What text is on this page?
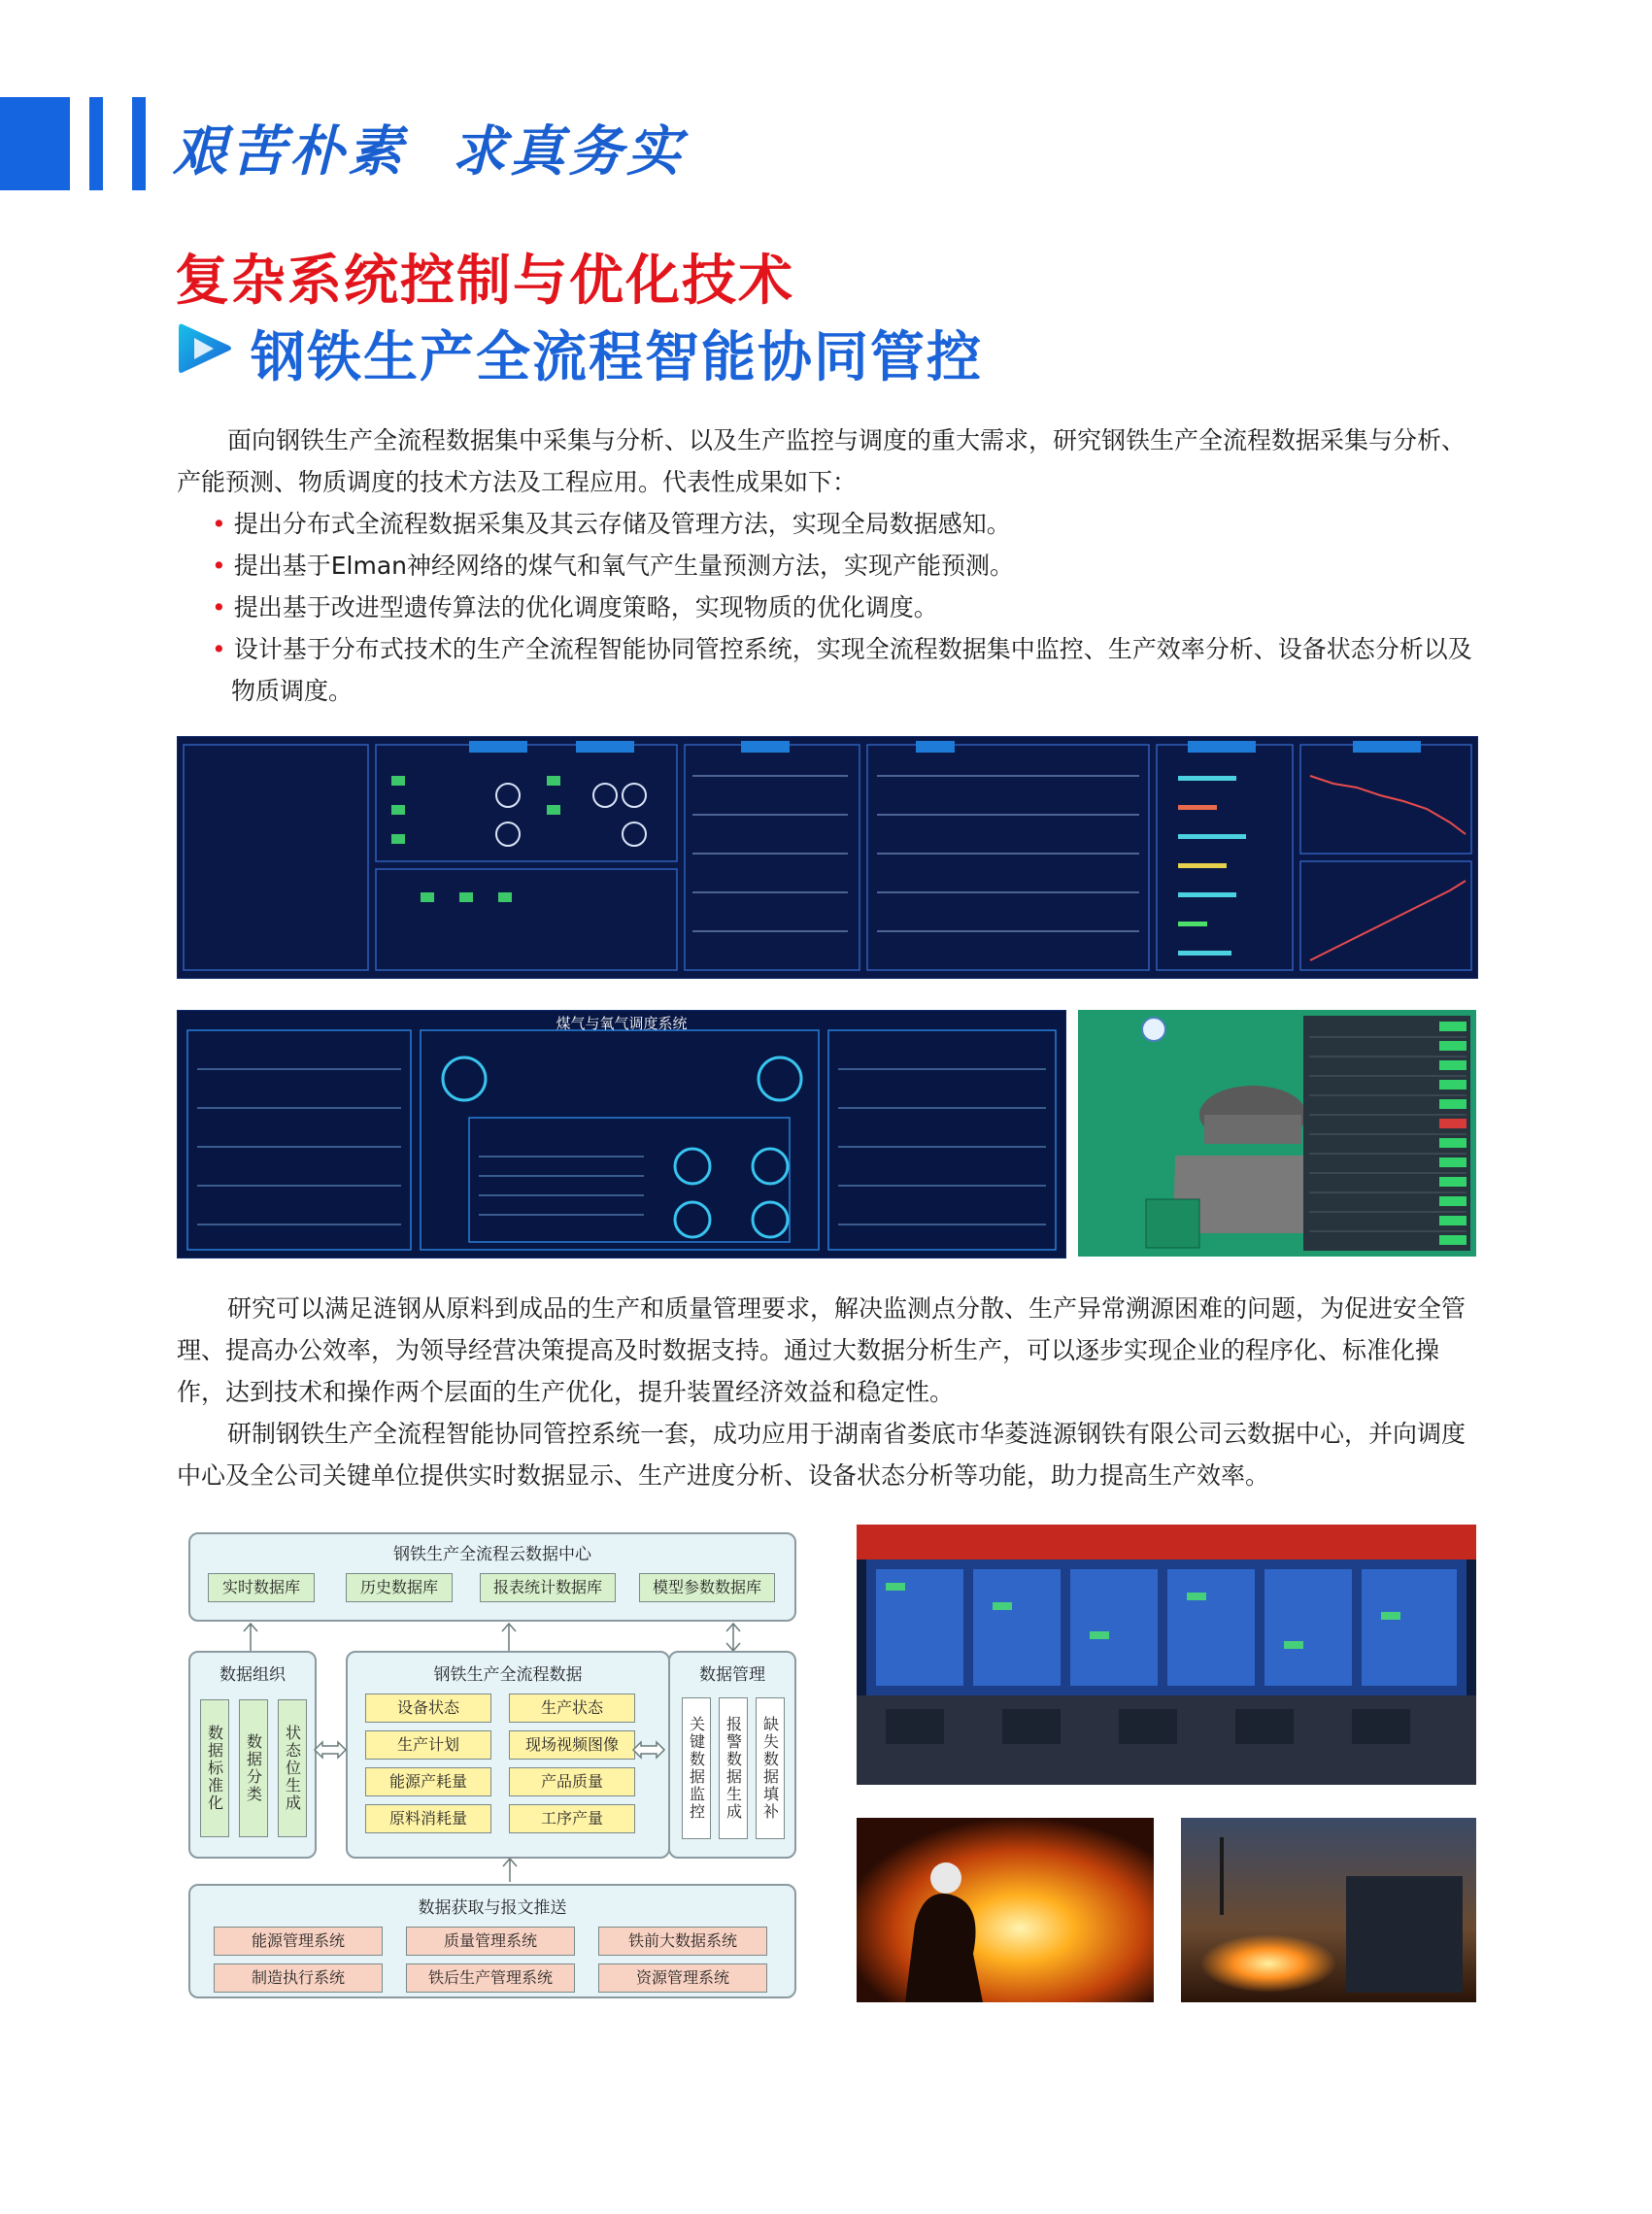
艰苦朴素  求真务实
复杂系统控制与优化技术
钢铁生产全流程智能协同管控

面向钢铁生产全流程数据集中采集与分析、以及生产监控与调度的重大需求，研究钢铁生产全流程数据采集与分析、产能预测、物质调度的技术方法及工程应用。代表性成果如下：

• 提出分布式全流程数据采集及其云存储及管理方法，实现全局数据感知。
• 提出基于Elman神经网络的煤气和氧气产生量预测方法，实现产能预测。
• 提出基于改进型遗传算法的优化调度策略，实现物质的优化调度。
• 设计基于分布式技术的生产全流程智能协同管控系统，实现全流程数据集中监控、生产效率分析、设备状态分析以及物质调度。
煤气与氧气调度系统

研究可以满足涟钢从原料到成品的生产和质量管理要求，解决监测点分散、生产异常溯源困难的问题，为促进安全管理、提高办公效率，为领导经营决策提高及时数据支持。通过大数据分析生产，可以逐步实现企业的程序化、标准化操作，达到技术和操作两个层面的生产优化，提升装置经济效益和稳定性。

研制钢铁生产全流程智能协同管控系统一套，成功应用于湖南省娄底市华菱涟源钢铁有限公司云数据中心，并向调度中心及全公司关键单位提供实时数据显示、生产进度分析、设备状态分析等功能，助力提高生产效率。

钢铁生产全流程云数据中心
实时数据库	历史数据库	报表统计数据库	模型参数数据库
数据组织
数据标准化	数据分类	状态位生成
钢铁生产全流程数据
设备状态	生产状态
生产计划	现场视频图像
能源产耗量	产品质量
原料消耗量	工序产量
数据管理
关键数据监控	报警数据生成	缺失数据填补
数据获取与报文推送
能源管理系统	质量管理系统	铁前大数据系统
制造执行系统	铁后生产管理系统	资源管理系统
